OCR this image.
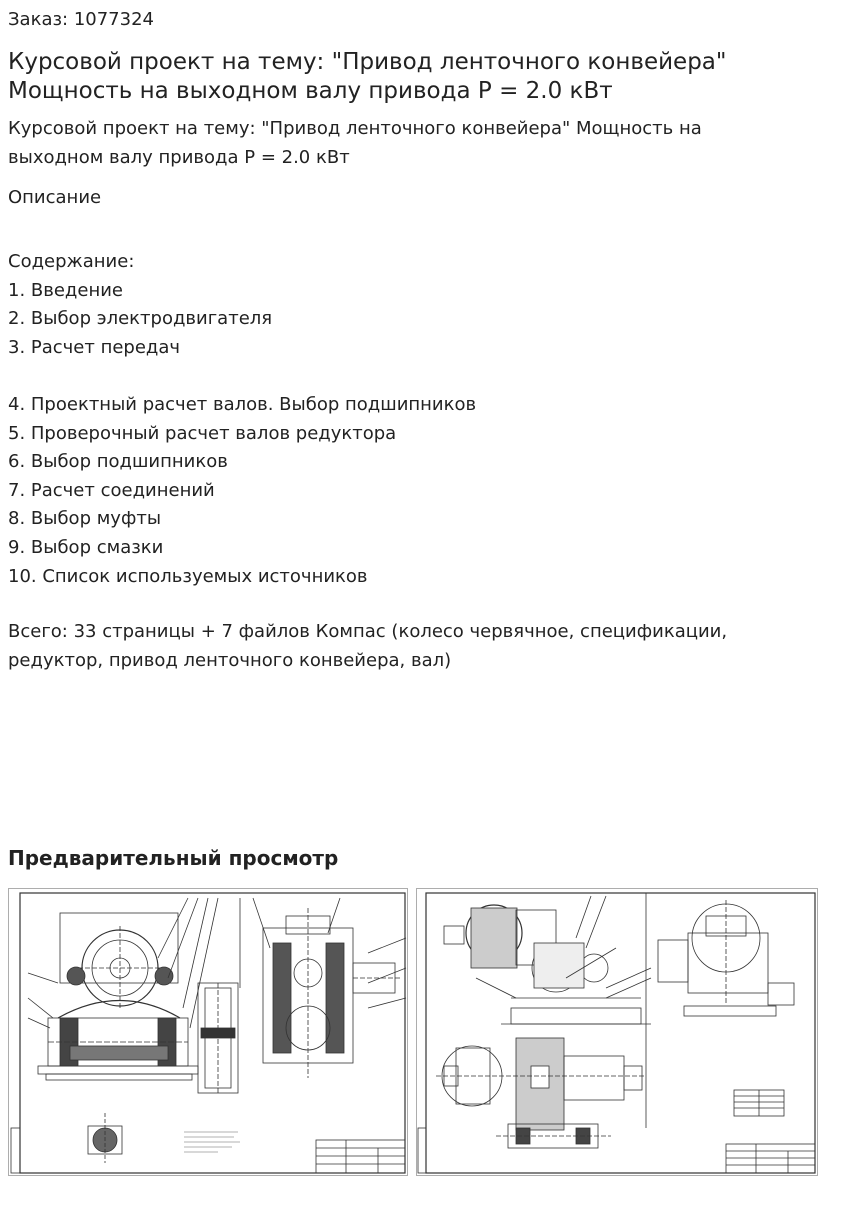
Заказ: 1077324
Курсовой проект на тему: "Привод ленточного конвейера"
Мощность на выходном валу привода P = 2.0 кВт
Курсовой проект на тему: "Привод ленточного конвейера" Мощность на
выходном валу привода P = 2.0 кВт
Описание
Содержание:
1. Введение
2. Выбор электродвигателя
3. Расчет передач
4. Проектный расчет валов. Выбор подшипников
5. Проверочный расчет валов редуктора
6. Выбор подшипников
7. Расчет соединений
8. Выбор муфты
9. Выбор смазки
10. Список используемых источников
Всего: 33 страницы + 7 файлов Компас (колесо червячное, спецификации,
редуктор, привод ленточного конвейера, вал)
Предварительный просмотр
